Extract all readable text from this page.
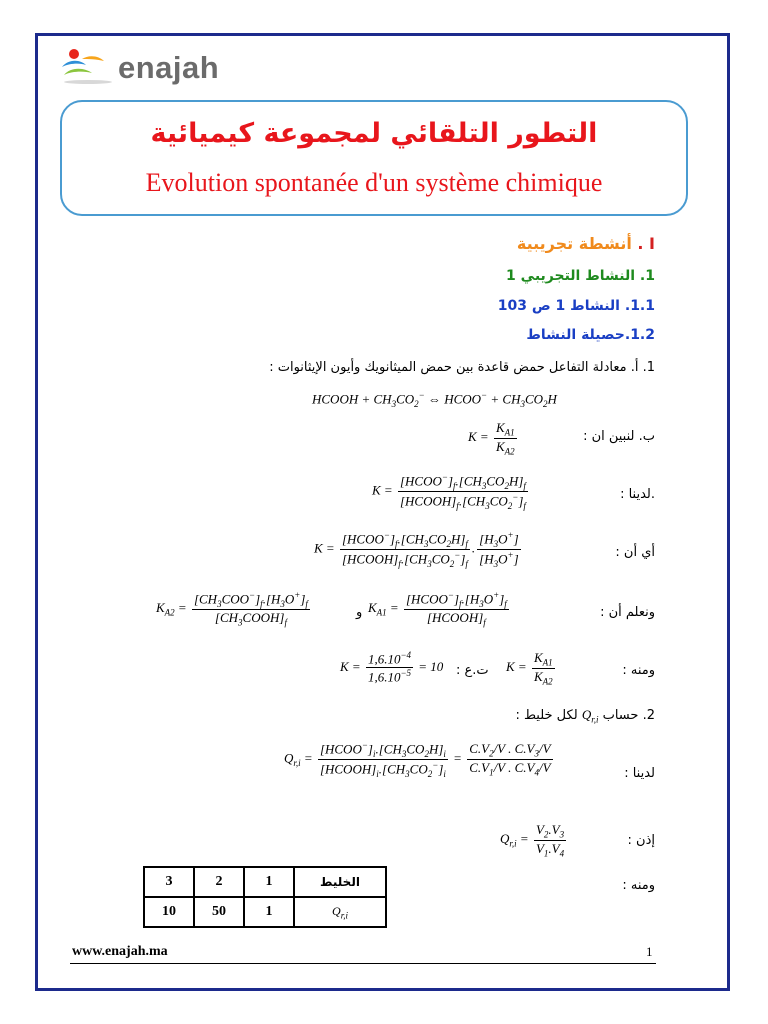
enajah
التطور التلقائي لمجموعة كيميائية
Evolution spontanée d'un système chimique
I . أنشطة تجريبية
1. النشاط التجريبي 1
1.1. النشاط 1 ص 103
1.2.حصيلة النشاط
1. أ. معادلة التفاعل حمض قاعدة بين حمض الميثانويك وأيون الإيثانوات :
HCOOH + $CH_3CO_2^-$ ⇔ HCOO− + $CH_3CO_2H$
ب. لنبين ان :
$K = \frac{K_{A1}}{K_{A2}}$
.لدينا :
$K = \frac{[HCOO^-]_f.[CH_3CO_2H]_f}{[HCOOH]_f.[CH_3CO_2^-]_f}$
أي أن :
$K = \frac{[HCOO^-]_f.[CH_3CO_2H]_f}{[HCOOH]_f.[CH_3CO_2^-]_f}$ . $\frac{[H_3O^+]}{[H_3O^+]}$
ونعلم أن :
$K_{A2} = \frac{[CH_3COO^-]_f.[H_3O^+]_f}{[CH_3COOH]_f}$	و $K_{A1} = \frac{[HCOO^-]_f.[H_3O^+]_f}{[HCOOH]_f}$
ومنه :
$K = \frac{K_{A1}}{K_{A2}}$
ت.ع :
$K = \frac{1,6.10^{-4}}{1,6.10^{-5}} = 10$
2. حساب $Q_{r,i}$ لكل خليط :
لدينا :
$Q_{r,i} = \frac{[HCOO^-]_i.[CH_3CO_2H]_i}{[HCOOH]_i.[CH_3CO_2^-]_i} = \frac{C.V_2/V . C.V_3/V}{C.V_1/V . C.V_4/V}$
إذن :
$Q_{r,i} = \frac{V_2.V_3}{V_1.V_4}$
ومنه :
3	2	1	الخليط
10	50	1	$Q_{r,i}$
www.enajah.ma	1
